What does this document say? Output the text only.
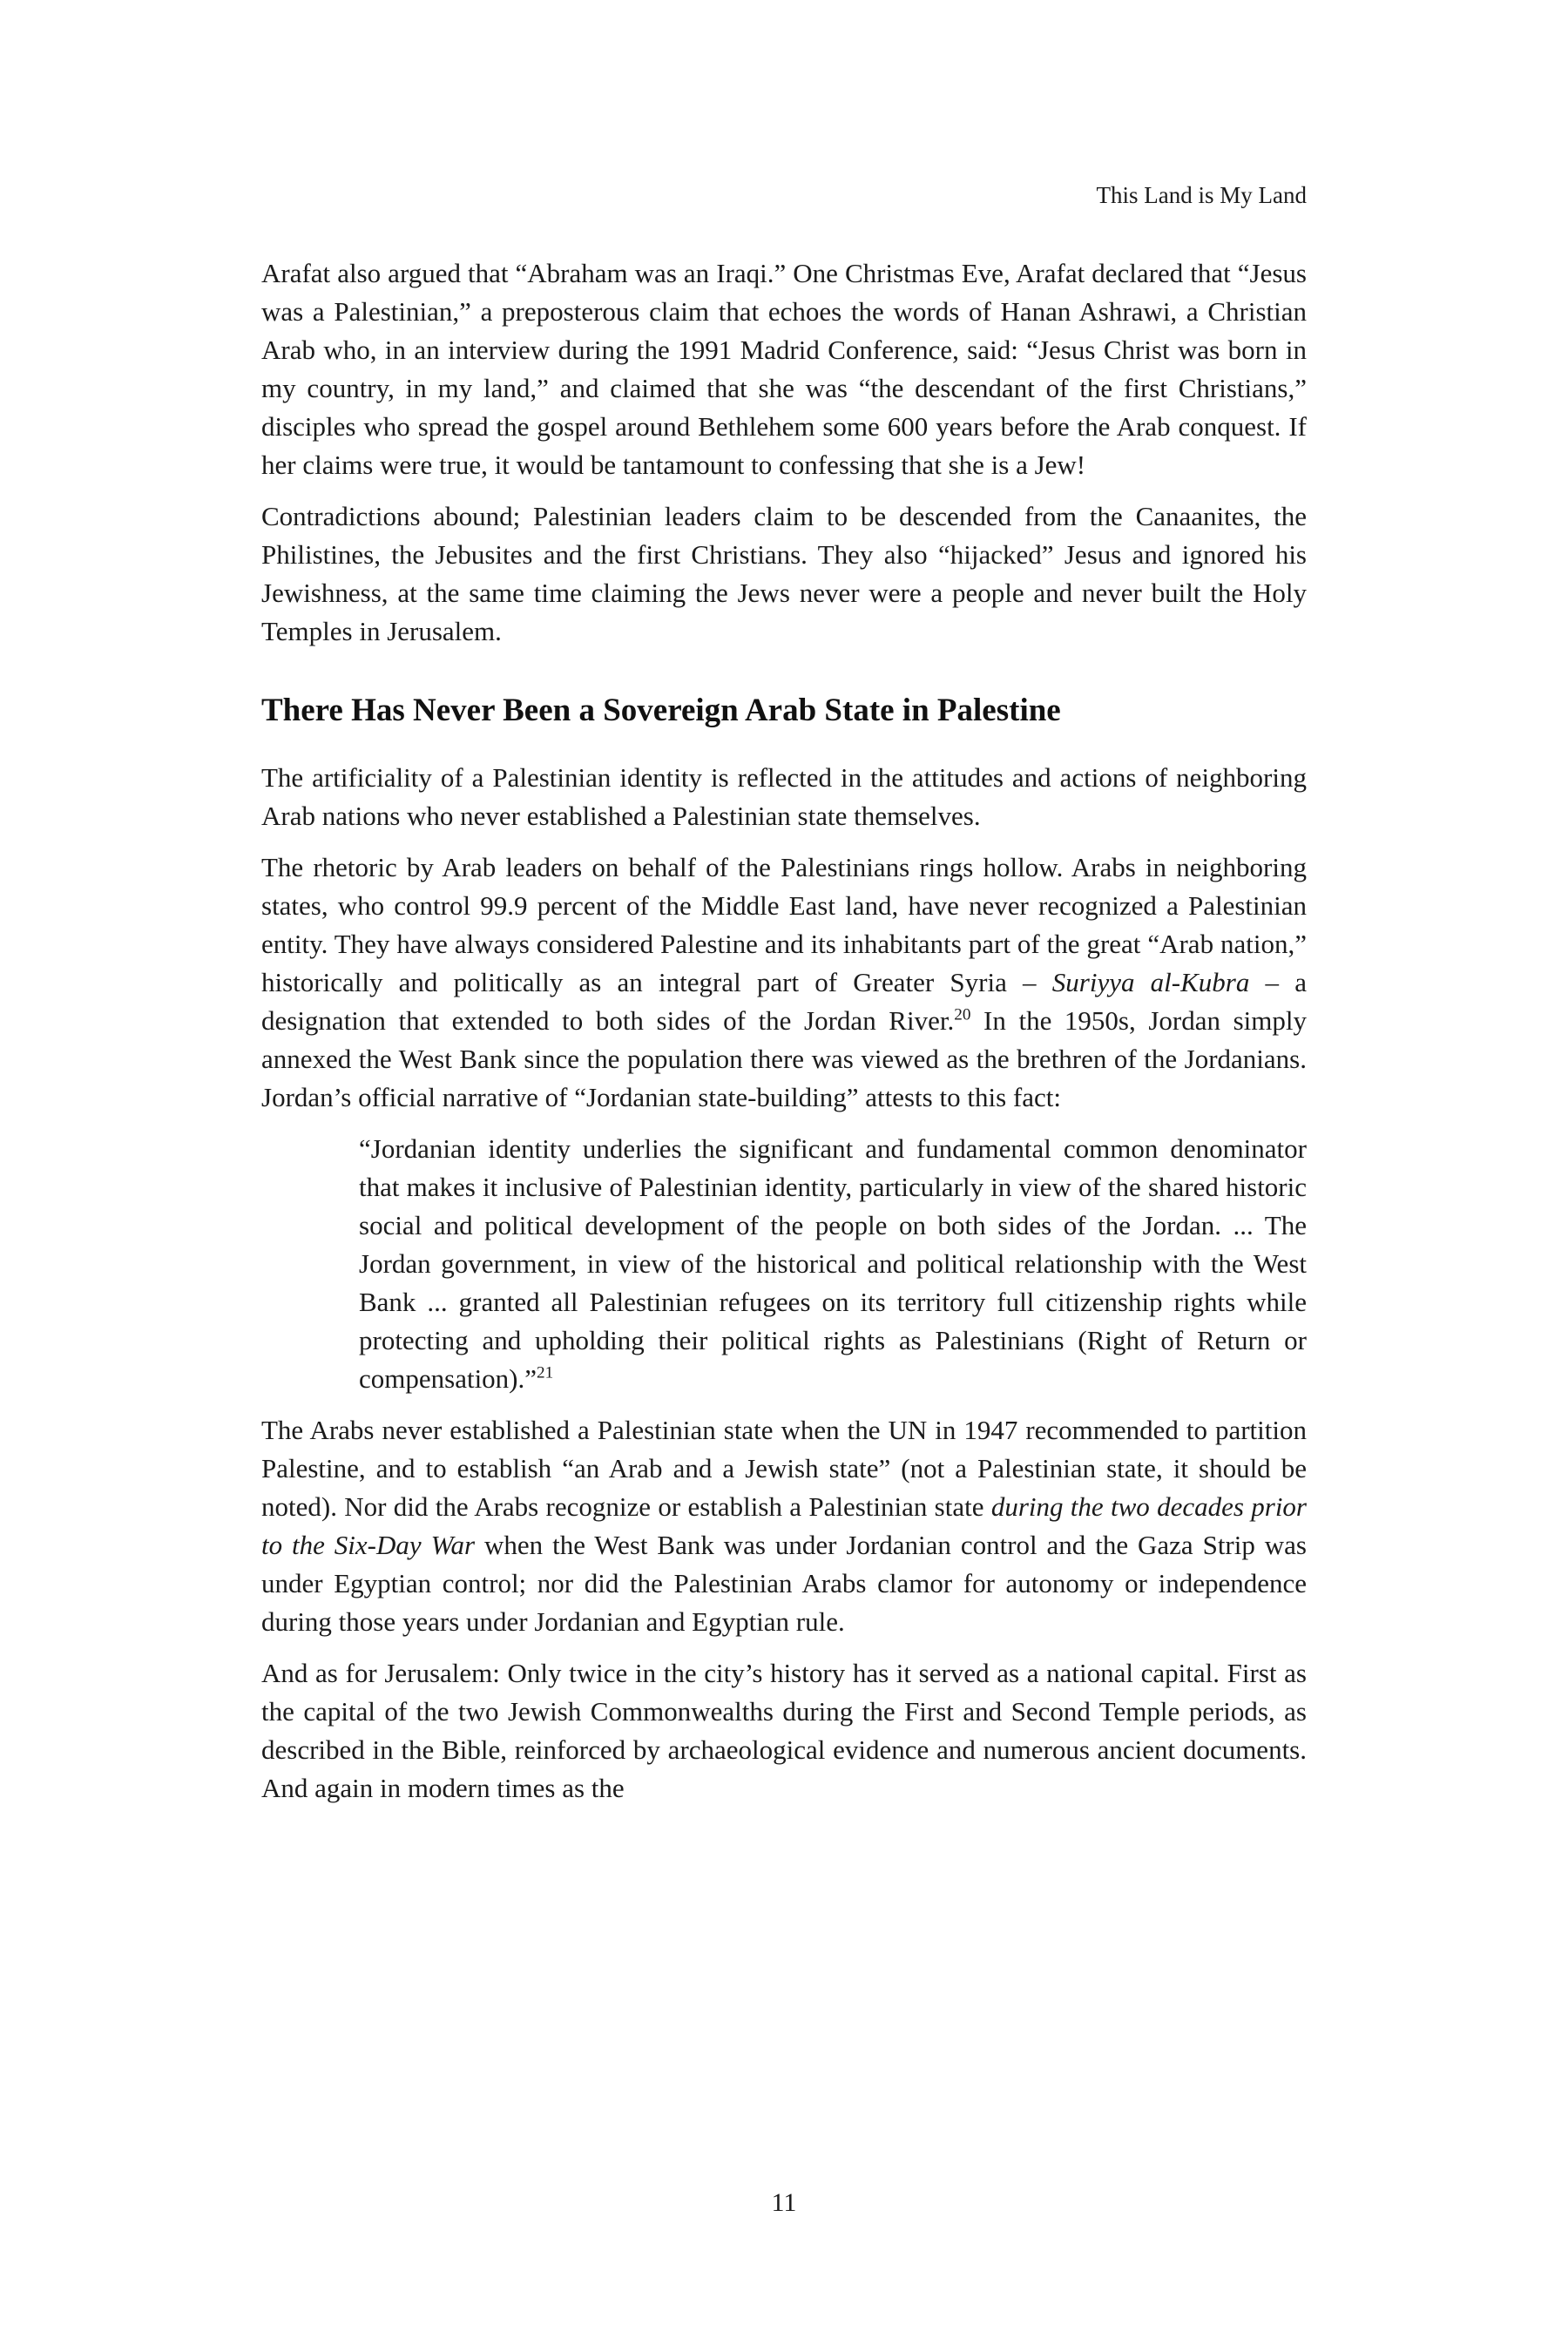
This Land is My Land

Arafat also argued that “Abraham was an Iraqi.” One Christmas Eve, Arafat declared that “Jesus was a Palestinian,” a preposterous claim that echoes the words of Hanan Ashrawi, a Christian Arab who, in an interview during the 1991 Madrid Conference, said: “Jesus Christ was born in my country, in my land,” and claimed that she was “the descendant of the first Christians,” disciples who spread the gospel around Bethlehem some 600 years before the Arab conquest. If her claims were true, it would be tantamount to confessing that she is a Jew!

Contradictions abound; Palestinian leaders claim to be descended from the Canaanites, the Philistines, the Jebusites and the first Christians. They also “hijacked” Jesus and ignored his Jewishness, at the same time claiming the Jews never were a people and never built the Holy Temples in Jerusalem.

There Has Never Been a Sovereign Arab State in Palestine

The artificiality of a Palestinian identity is reflected in the attitudes and actions of neighboring Arab nations who never established a Palestinian state themselves.

The rhetoric by Arab leaders on behalf of the Palestinians rings hollow. Arabs in neighboring states, who control 99.9 percent of the Middle East land, have never recognized a Palestinian entity. They have always considered Palestine and its inhabitants part of the great “Arab nation,” historically and politically as an integral part of Greater Syria – Suriyya al-Kubra – a designation that extended to both sides of the Jordan River.$^{20}$ In the 1950s, Jordan simply annexed the West Bank since the population there was viewed as the brethren of the Jordanians. Jordan’s official narrative of “Jordanian state-building” attests to this fact:

“Jordanian identity underlies the significant and fundamental common denominator that makes it inclusive of Palestinian identity, particularly in view of the shared historic social and political development of the people on both sides of the Jordan. ... The Jordan government, in view of the historical and political relationship with the West Bank ... granted all Palestinian refugees on its territory full citizenship rights while protecting and upholding their political rights as Palestinians (Right of Return or compensation).”$^{21}$

The Arabs never established a Palestinian state when the UN in 1947 recommended to partition Palestine, and to establish “an Arab and a Jewish state” (not a Palestinian state, it should be noted). Nor did the Arabs recognize or establish a Palestinian state during the two decades prior to the Six-Day War when the West Bank was under Jordanian control and the Gaza Strip was under Egyptian control; nor did the Palestinian Arabs clamor for autonomy or independence during those years under Jordanian and Egyptian rule.

And as for Jerusalem: Only twice in the city’s history has it served as a national capital. First as the capital of the two Jewish Commonwealths during the First and Second Temple periods, as described in the Bible, reinforced by archaeological evidence and numerous ancient documents. And again in modern times as the

11
